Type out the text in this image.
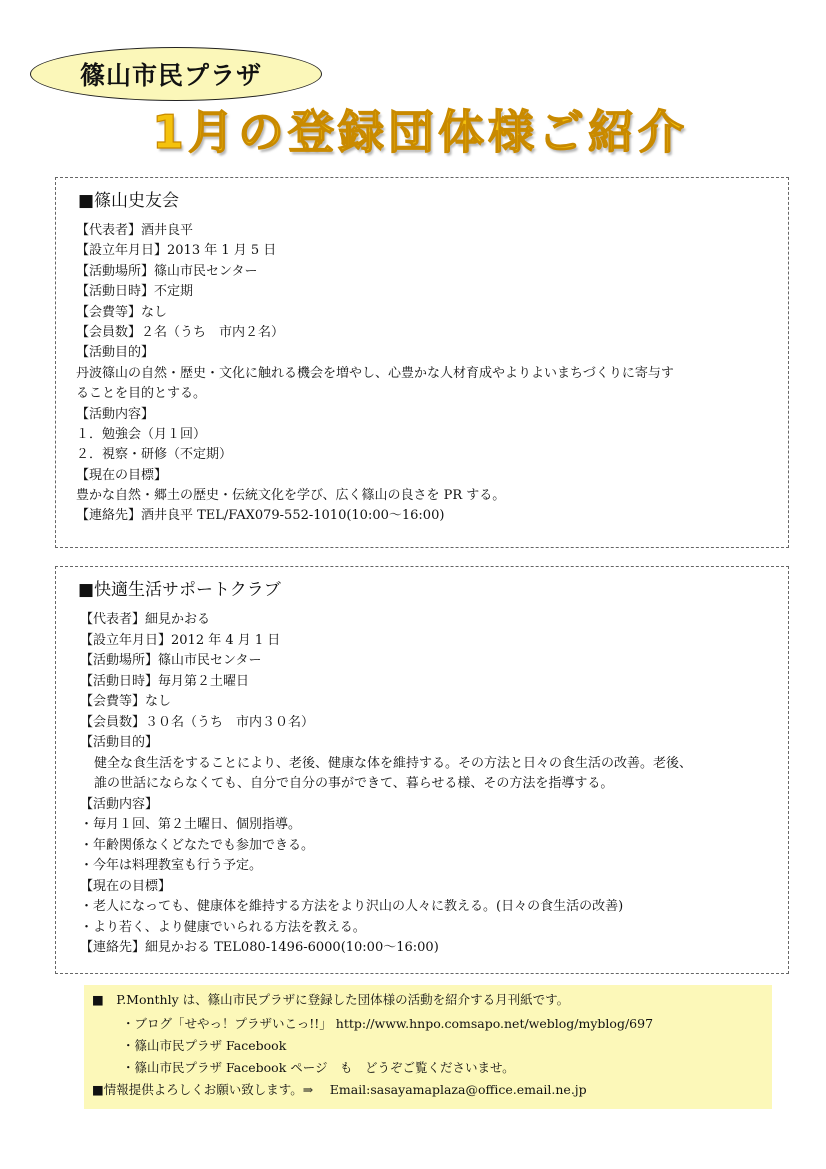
篠山市民プラザ
1月の登録団体様ご紹介
■篠山史友会
【代表者】酒井良平
【設立年月日】2013 年 1 月 5 日
【活動場所】篠山市民センター
【活動日時】不定期
【会費等】なし
【会員数】２名（うち　市内２名）
【活動目的】
丹波篠山の自然・歴史・文化に触れる機会を増やし、心豊かな人材育成やよりよいまちづくりに寄与す
ることを目的とする。
【活動内容】
１．勉強会（月１回）
２．視察・研修（不定期）
【現在の目標】
豊かな自然・郷土の歴史・伝統文化を学び、広く篠山の良さを PR する。
【連絡先】酒井良平 TEL/FAX079-552-1010(10:00～16:00)
■快適生活サポートクラブ
【代表者】細見かおる
【設立年月日】2012 年 4 月 1 日
【活動場所】篠山市民センター
【活動日時】毎月第２土曜日
【会費等】なし
【会員数】３０名（うち　市内３０名）
【活動目的】
健全な食生活をすることにより、老後、健康な体を維持する。その方法と日々の食生活の改善。老後、
誰の世話にならなくても、自分で自分の事ができて、暮らせる様、その方法を指導する。
【活動内容】
・毎月１回、第２土曜日、個別指導。
・年齢関係なくどなたでも参加できる。
・今年は料理教室も行う予定。
【現在の目標】
・老人になっても、健康体を維持する方法をより沢山の人々に教える。(日々の食生活の改善)
・より若く、より健康でいられる方法を教える。
【連絡先】細見かおる TEL080-1496-6000(10:00～16:00)
■　P.Monthly は、篠山市民プラザに登録した団体様の活動を紹介する月刊紙です。
・ブログ「せやっ！プラザいこっ!!」 http://www.hnpo.comsapo.net/weblog/myblog/697
・篠山市民プラザ Facebook
・篠山市民プラザ Facebook ページ　も　どうぞご覧くださいませ。
■情報提供よろしくお願い致します。⇒　 Email:sasayamaplaza@office.email.ne.jp
